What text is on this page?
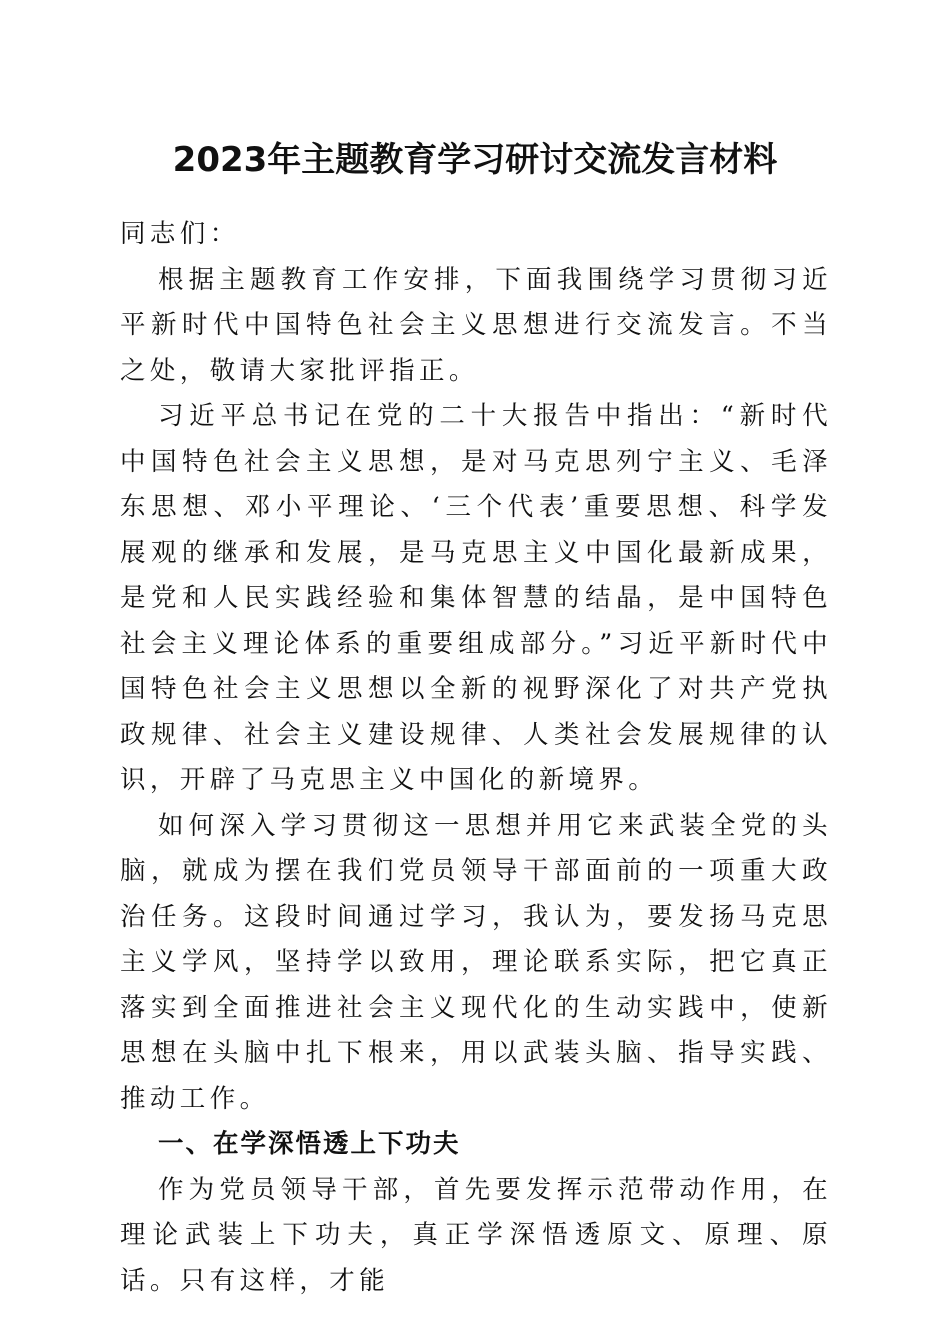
2023年主题教育学习研讨交流发言材料

同志们：

根据主题教育工作安排，下面我围绕学习贯彻习近平新时代中国特色社会主义思想进行交流发言。不当之处，敬请大家批评指正。

习近平总书记在党的二十大报告中指出：“新时代中国特色社会主义思想，是对马克思列宁主义、毛泽东思想、邓小平理论、‘三个代表’重要思想、科学发展观的继承和发展，是马克思主义中国化最新成果，是党和人民实践经验和集体智慧的结晶，是中国特色社会主义理论体系的重要组成部分。”习近平新时代中国特色社会主义思想以全新的视野深化了对共产党执政规律、社会主义建设规律、人类社会发展规律的认识，开辟了马克思主义中国化的新境界。

如何深入学习贯彻这一思想并用它来武装全党的头脑，就成为摆在我们党员领导干部面前的一项重大政治任务。这段时间通过学习，我认为，要发扬马克思主义学风，坚持学以致用，理论联系实际，把它真正落实到全面推进社会主义现代化的生动实践中，使新思想在头脑中扎下根来，用以武装头脑、指导实践、推动工作。

一、在学深悟透上下功夫

作为党员领导干部，首先要发挥示范带动作用，在理论武装上下功夫，真正学深悟透原文、原理、原话。只有这样，才能
